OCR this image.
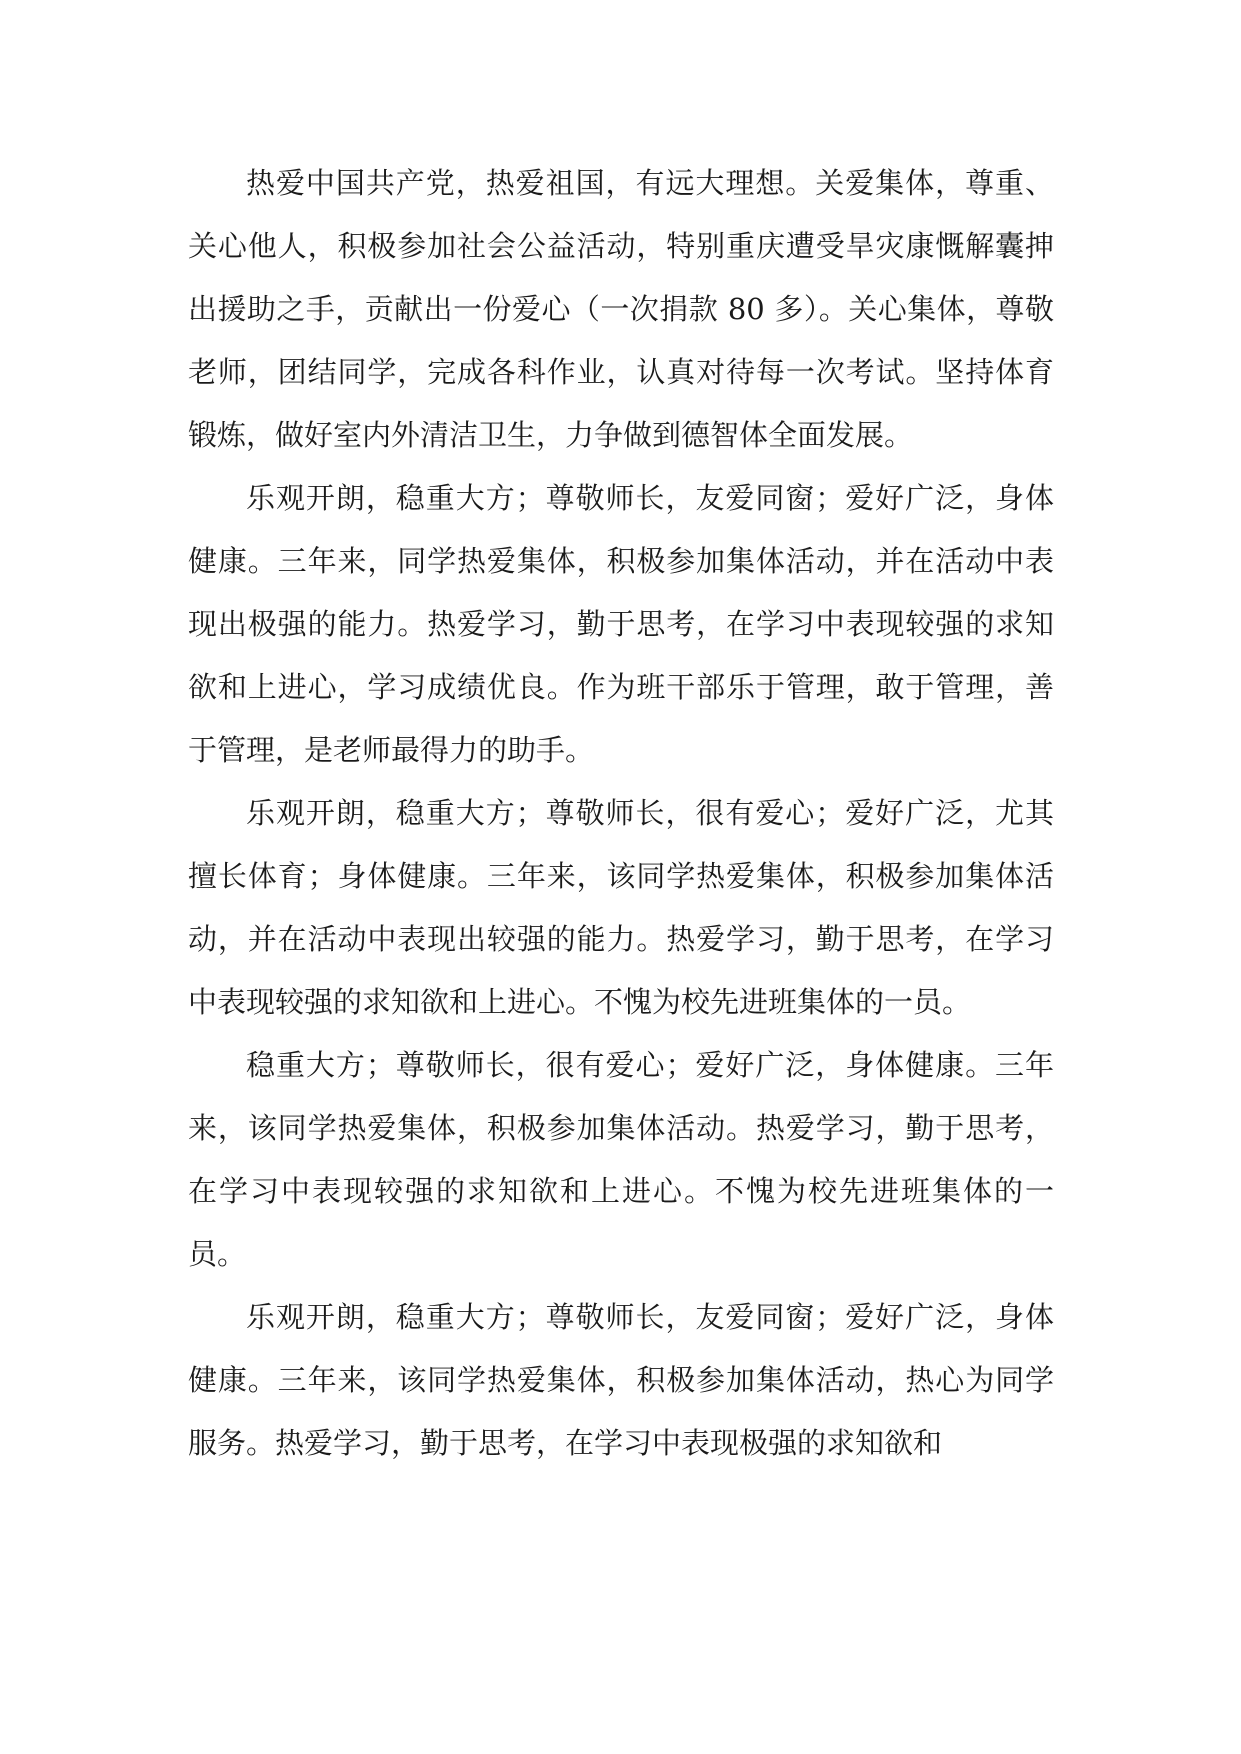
热爱中国共产党，热爱祖国，有远大理想。关爱集体，尊重、关心他人，积极参加社会公益活动，特别重庆遭受旱灾康慨解囊抻出援助之手，贡献出一份爱心（一次捐款 80 多）。关心集体，尊敬老师，团结同学，完成各科作业，认真对待每一次考试。坚持体育锻炼，做好室内外清洁卫生，力争做到德智体全面发展。

乐观开朗，稳重大方；尊敬师长，友爱同窗；爱好广泛，身体健康。三年来，同学热爱集体，积极参加集体活动，并在活动中表现出极强的能力。热爱学习，勤于思考，在学习中表现较强的求知欲和上进心，学习成绩优良。作为班干部乐于管理，敢于管理，善于管理，是老师最得力的助手。

乐观开朗，稳重大方；尊敬师长，很有爱心；爱好广泛，尤其擅长体育；身体健康。三年来，该同学热爱集体，积极参加集体活动，并在活动中表现出较强的能力。热爱学习，勤于思考，在学习中表现较强的求知欲和上进心。不愧为校先进班集体的一员。

稳重大方；尊敬师长，很有爱心；爱好广泛，身体健康。三年来，该同学热爱集体，积极参加集体活动。热爱学习，勤于思考，在学习中表现较强的求知欲和上进心。不愧为校先进班集体的一员。

乐观开朗，稳重大方；尊敬师长，友爱同窗；爱好广泛，身体健康。三年来，该同学热爱集体，积极参加集体活动，热心为同学服务。热爱学习，勤于思考，在学习中表现极强的求知欲和
